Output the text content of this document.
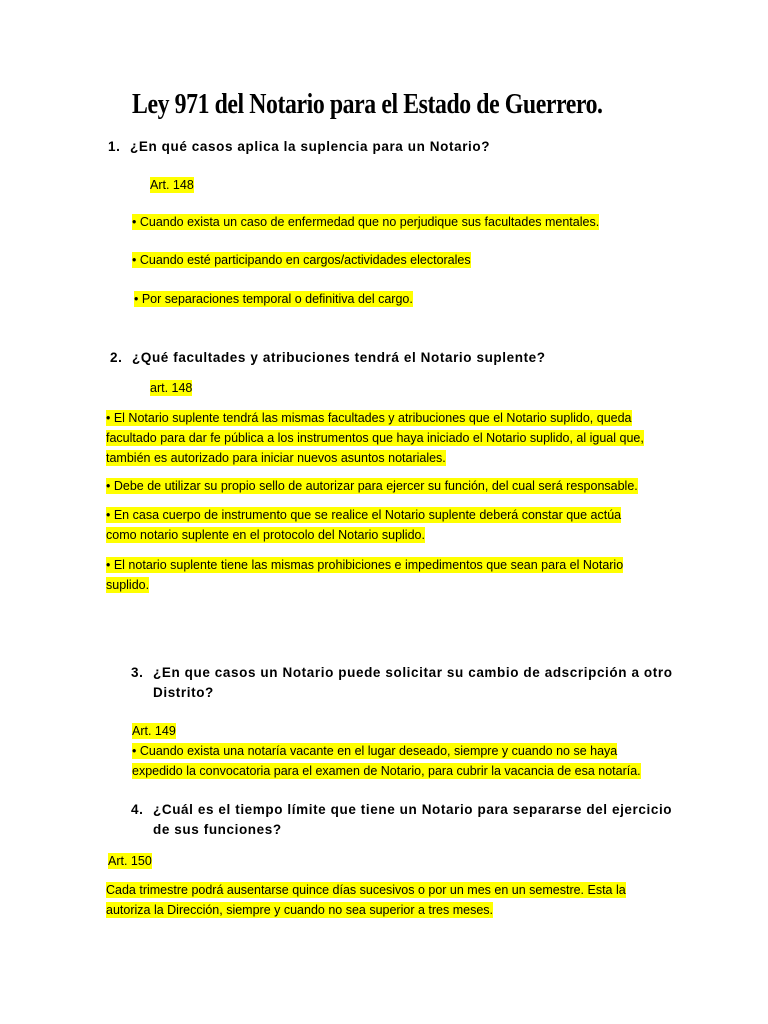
Ley 971 del Notario para el Estado de Guerrero.
1. ¿En qué casos aplica la suplencia para un Notario?
Art. 148
• Cuando exista un caso de enfermedad que no perjudique sus facultades mentales.
• Cuando esté participando en cargos/actividades electorales
• Por separaciones temporal o definitiva del cargo.
2. ¿Qué facultades y atribuciones tendrá el Notario suplente?
art. 148

• El Notario suplente tendrá las mismas facultades y atribuciones que el Notario suplido, queda facultado para dar fe pública a los instrumentos que haya iniciado el Notario suplido, al igual que, también es autorizado para iniciar nuevos asuntos notariales.

• Debe de utilizar su propio sello de autorizar para ejercer su función, del cual será responsable.

• En casa cuerpo de instrumento que se realice el Notario suplente deberá constar que actúa como notario suplente en el protocolo del Notario suplido.

• El notario suplente tiene las mismas prohibiciones e impedimentos que sean para el Notario suplido.

3. ¿En que casos un Notario puede solicitar su cambio de adscripción a otro Distrito?
Art. 149

• Cuando exista una notaría vacante en el lugar deseado, siempre y cuando no se haya expedido la convocatoria para el examen de Notario, para cubrir la vacancia de esa notaría.

4. ¿Cuál es el tiempo límite que tiene un Notario para separarse del ejercicio de sus funciones?
Art. 150

Cada trimestre podrá ausentarse quince días sucesivos o por un mes en un semestre. Esta la autoriza la Dirección, siempre y cuando no sea superior a tres meses.
